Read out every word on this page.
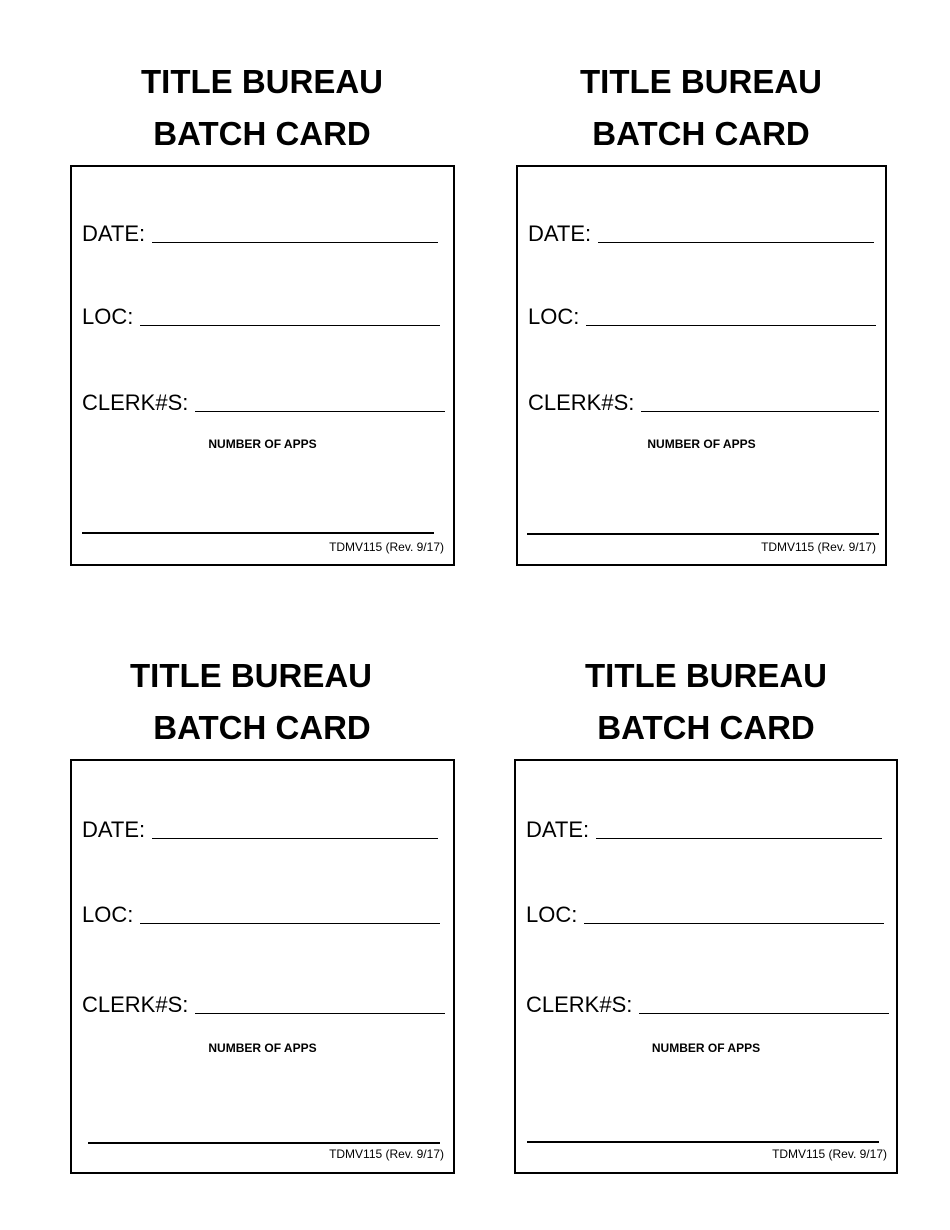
TITLE BUREAU
BATCH CARD
DATE:
LOC:
CLERK#S:
NUMBER OF APPS
TDMV115 (Rev. 9/17)
TITLE BUREAU
BATCH CARD
DATE:
LOC:
CLERK#S:
NUMBER OF APPS
TDMV115 (Rev. 9/17)
TITLE BUREAU
BATCH CARD
DATE:
LOC:
CLERK#S:
NUMBER OF APPS
TDMV115 (Rev. 9/17)
TITLE BUREAU
BATCH CARD
DATE:
LOC:
CLERK#S:
NUMBER OF APPS
TDMV115 (Rev. 9/17)
